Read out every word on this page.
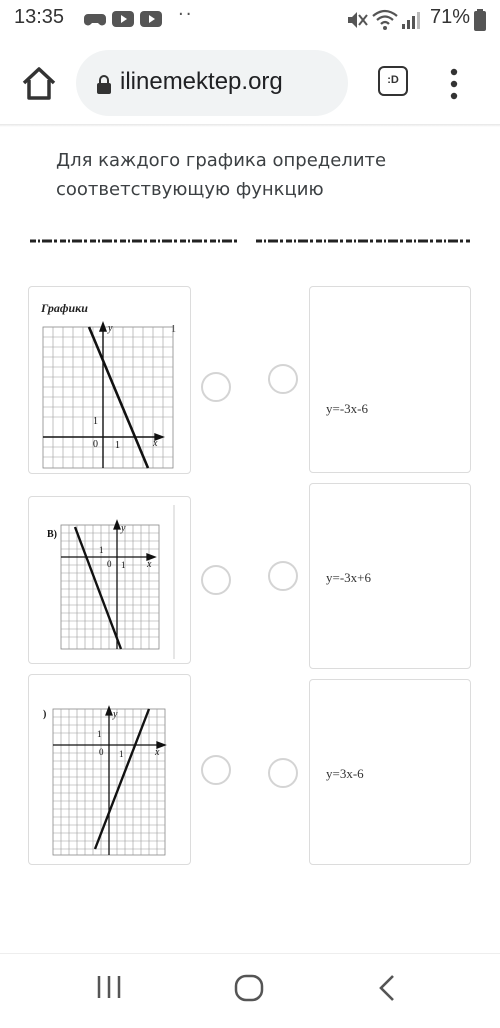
13:35	··	71%
ilinemektep.org	:D
Для каждого графика определите соответствующую функцию
Графики
1
y
x
1
1
0
В)
y
x
1
1
0
)	y
x
1
1
0
y=-3x-6
y=-3x+6
y=3x-6
